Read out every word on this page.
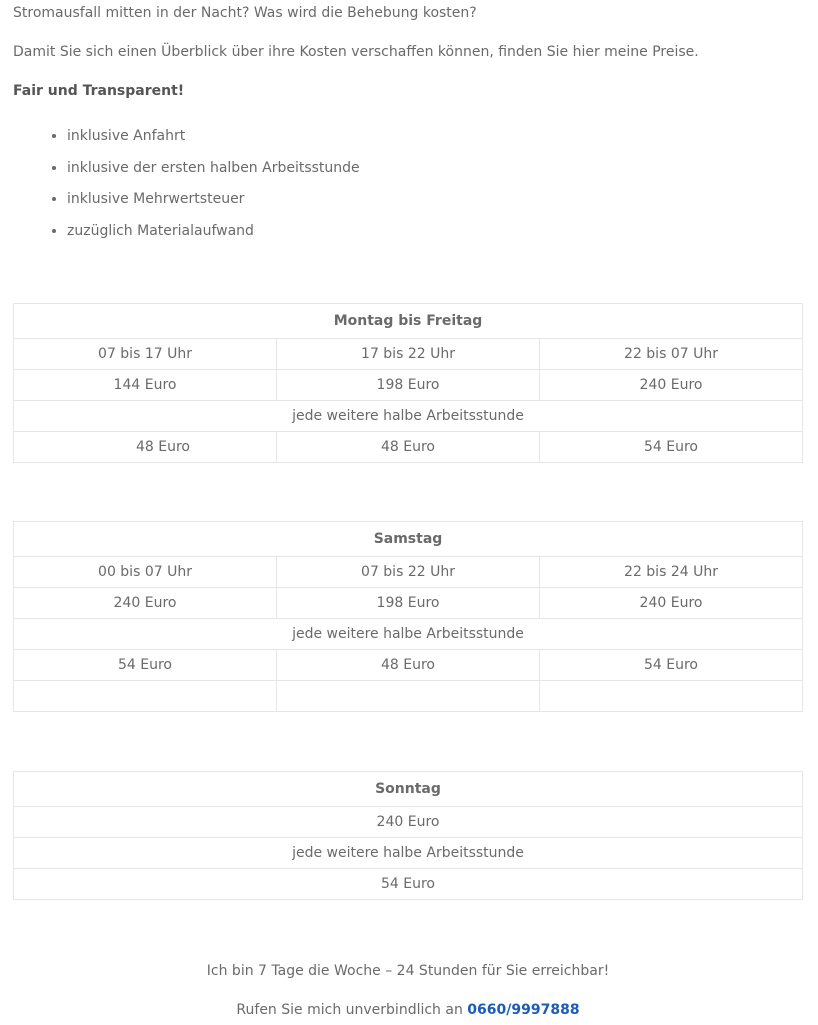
Stromausfall mitten in der Nacht? Was wird die Behebung kosten?

Damit Sie sich einen Überblick über ihre Kosten verschaffen können, finden Sie hier meine Preise.

Fair und Transparent!

• inklusive Anfahrt
• inklusive der ersten halben Arbeitsstunde
• inklusive Mehrwertsteuer
• zuzüglich Materialaufwand
Montag bis Freitag		
07 bis 17 Uhr	17 bis 22 Uhr	22 bis 07 Uhr
144 Euro	198 Euro	240 Euro
jede weitere halbe Arbeitsstunde		
48 Euro	48 Euro	54 Euro
Samstag		
00 bis 07 Uhr	07 bis 22 Uhr	22 bis 24 Uhr
240 Euro	198 Euro	240 Euro
jede weitere halbe Arbeitsstunde		
54 Euro	48 Euro	54 Euro

Sonntag
240 Euro
jede weitere halbe Arbeitsstunde
54 Euro

Ich bin 7 Tage die Woche – 24 Stunden für Sie erreichbar!

Rufen Sie mich unverbindlich an 0660/9997888
